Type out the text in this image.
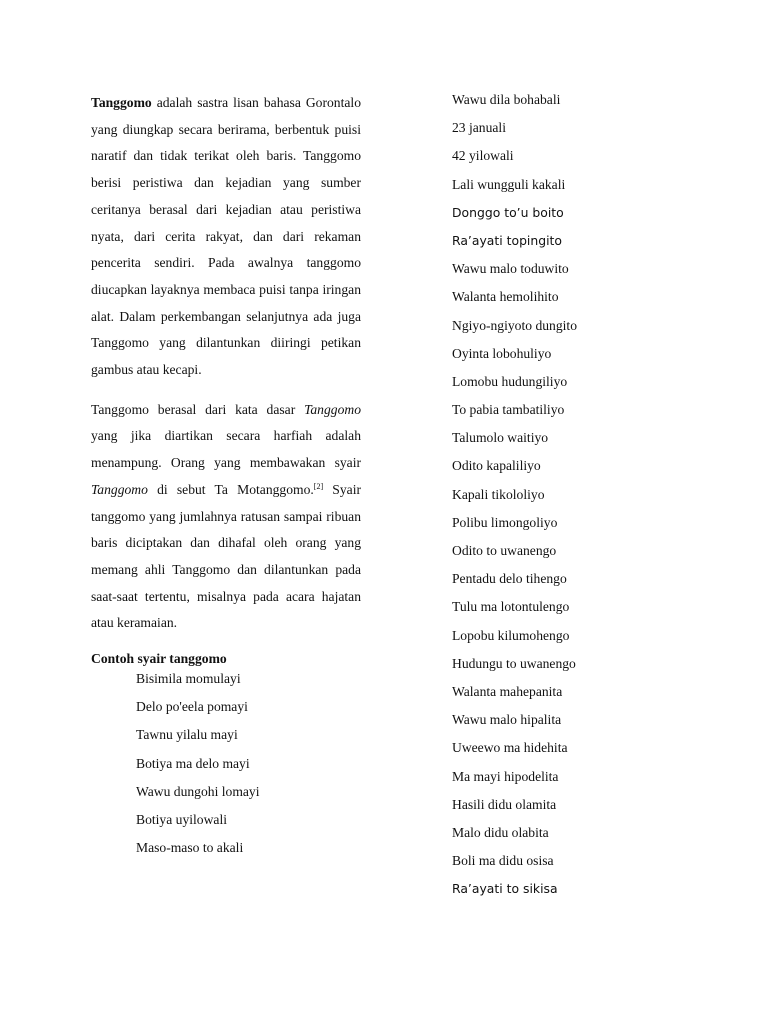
Tanggomo adalah sastra lisan bahasa Gorontalo yang diungkap secara berirama, berbentuk puisi naratif dan tidak terikat oleh baris. Tanggomo berisi peristiwa dan kejadian yang sumber ceritanya berasal dari kejadian atau peristiwa nyata, dari cerita rakyat, dan dari rekaman pencerita sendiri. Pada awalnya tanggomo diucapkan layaknya membaca puisi tanpa iringan alat. Dalam perkembangan selanjutnya ada juga Tanggomo yang dilantunkan diiringi petikan gambus atau kecapi.

Tanggomo berasal dari kata dasar Tanggomo yang jika diartikan secara harfiah adalah menampung. Orang yang membawakan syair Tanggomo di sebut Ta Motanggomo.[2] Syair tanggomo yang jumlahnya ratusan sampai ribuan baris diciptakan dan dihafal oleh orang yang memang ahli Tanggomo dan dilantunkan pada saat-saat tertentu, misalnya pada acara hajatan atau keramaian.

Contoh syair tanggomo
Bisimila momulayi
Delo po'eela pomayi
Tawnu yilalu mayi
Botiya ma delo mayi
Wawu dungohi lomayi
Botiya uyilowali
Maso-maso to akali
Wawu dila bohabali
23 januali
42 yilowali
Lali wungguli kakali
Donggo to’u boito
Ra’ayati topingito
Wawu malo toduwito
Walanta hemolihito
Ngiyo-ngiyoto dungito
Oyinta lobohuliyo
Lomobu hudungiliyo
To pabia tambatiliyo
Talumolo waitiyo
Odito kapaliliyo
Kapali tikololiyo
Polibu limongoliyo
Odito to uwanengo
Pentadu delo tihengo
Tulu ma lotontulengo
Lopobu kilumohengo
Hudungu to uwanengo
Walanta mahepanita
Wawu malo hipalita
Uweewo ma hidehita
Ma mayi hipodelita
Hasili didu olamita
Malo didu olabita
Boli ma didu osisa
Ra’ayati to sikisa
